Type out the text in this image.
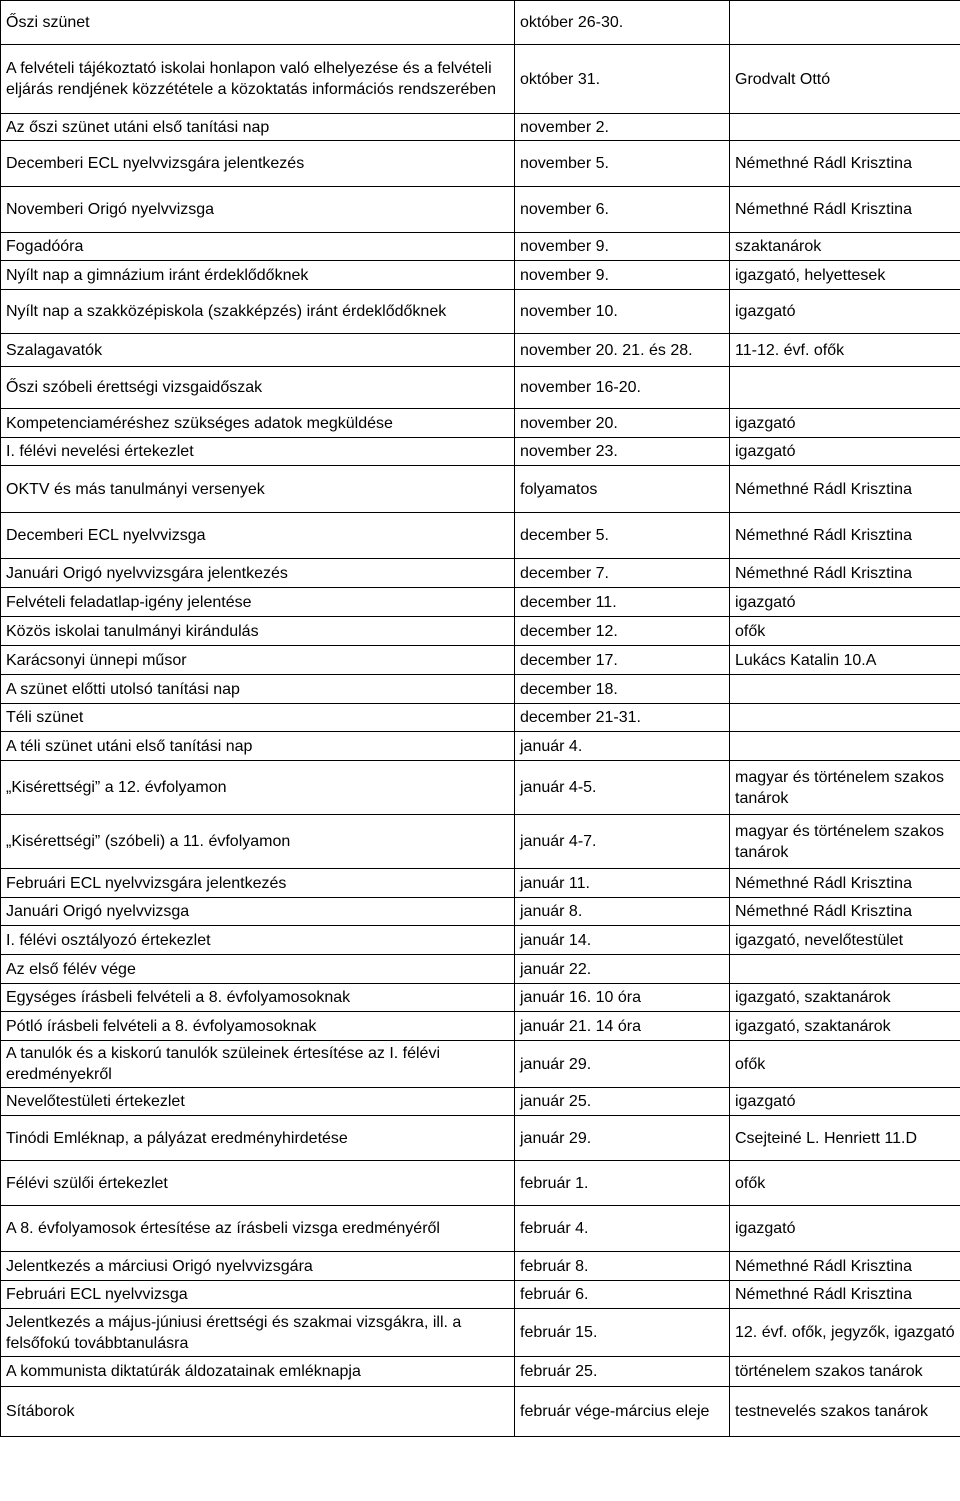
Őszi szünet	október 26-30.	
A felvételi tájékoztató iskolai honlapon való elhelyezése és a felvételi eljárás rendjének közzététele a közoktatás információs rendszerében	október 31.	Grodvalt Ottó
Az őszi szünet utáni első tanítási nap	november 2.	
Decemberi ECL nyelvvizsgára jelentkezés	november 5.	Némethné Rádl Krisztina
Novemberi Origó nyelvvizsga	november 6.	Némethné Rádl Krisztina
Fogadóóra	november 9.	szaktanárok
Nyílt nap a gimnázium iránt érdeklődőknek	november 9.	igazgató, helyettesek
Nyílt nap a szakközépiskola (szakképzés) iránt érdeklődőknek	november 10.	igazgató
Szalagavatók	november 20. 21. és 28.	11-12. évf. ofők
Őszi szóbeli érettségi vizsgaidőszak	november 16-20.	
Kompetenciaméréshez szükséges adatok megküldése	november 20.	igazgató
I. félévi nevelési értekezlet	november 23.	igazgató
OKTV és más tanulmányi versenyek	folyamatos	Némethné Rádl Krisztina
Decemberi ECL nyelvvizsga	december 5.	Némethné Rádl Krisztina
Januári Origó nyelvvizsgára jelentkezés	december 7.	Némethné Rádl Krisztina
Felvételi feladatlap-igény jelentése	december 11.	igazgató
Közös iskolai tanulmányi kirándulás	december 12.	ofők
Karácsonyi ünnepi műsor	december 17.	Lukács Katalin 10.A
A szünet előtti utolsó tanítási nap	december 18.	
Téli szünet	december 21-31.	
A téli szünet utáni első tanítási nap	január 4.	
„Kisérettségi” a 12. évfolyamon	január 4-5.	magyar és történelem szakos tanárok
„Kisérettségi” (szóbeli) a 11. évfolyamon	január 4-7.	magyar és történelem szakos tanárok
Februári ECL nyelvvizsgára jelentkezés	január 11.	Némethné Rádl Krisztina
Januári Origó nyelvvizsga	január 8.	Némethné Rádl Krisztina
I. félévi osztályozó értekezlet	január 14.	igazgató, nevelőtestület
Az első félév vége	január 22.	
Egységes írásbeli felvételi a 8. évfolyamosoknak	január 16. 10 óra	igazgató, szaktanárok
Pótló írásbeli felvételi a 8. évfolyamosoknak	január 21. 14 óra	igazgató, szaktanárok
A tanulók és a kiskorú tanulók szüleinek értesítése az I. félévi eredményekről	január 29.	ofők
Nevelőtestületi értekezlet	január 25.	igazgató
Tinódi Emléknap, a pályázat eredményhirdetése	január 29.	Csejteiné L. Henriett 11.D
Félévi szülői értekezlet	február 1.	ofők
A 8. évfolyamosok értesítése az írásbeli vizsga eredményéről	február 4.	igazgató
Jelentkezés a márciusi Origó nyelvvizsgára	február 8.	Némethné Rádl Krisztina
Februári ECL nyelvvizsga	február 6.	Némethné Rádl Krisztina
Jelentkezés a május-júniusi érettségi és szakmai vizsgákra, ill. a felsőfokú továbbtanulásra	február 15.	12. évf. ofők, jegyzők, igazgató
A kommunista diktatúrák áldozatainak emléknapja	február 25.	történelem szakos tanárok
Sítáborok	február vége-március eleje	testnevelés szakos tanárok
